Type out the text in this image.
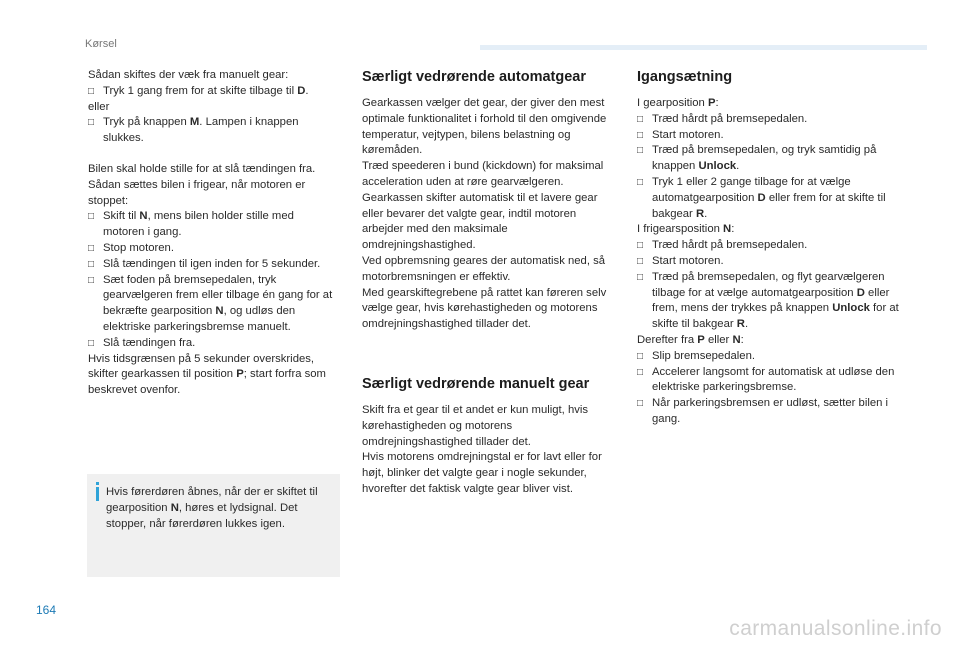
Kørsel

Sådan skiftes der væk fra manuelt gear:

□ Tryk 1 gang frem for at skifte tilbage til D.

eller

□ Tryk på knappen M. Lampen i knappen slukkes.

Bilen skal holde stille for at slå tændingen fra.

Sådan sættes bilen i frigear, når motoren er stoppet:

□ Skift til N, mens bilen holder stille med motoren i gang.
□ Stop motoren.
□ Slå tændingen til igen inden for 5 sekunder.
□ Sæt foden på bremsepedalen, tryk gearvælgeren frem eller tilbage én gang for at bekræfte gearposition N, og udløs den elektriske parkeringsbremse manuelt.
□ Slå tændingen fra.

Hvis tidsgrænsen på 5 sekunder overskrides, skifter gearkassen til position P; start forfra som beskrevet ovenfor.

Hvis førerdøren åbnes, når der er skiftet til gearposition N, høres et lydsignal. Det stopper, når førerdøren lukkes igen.
Særligt vedrørende automatgear

Gearkassen vælger det gear, der giver den mest optimale funktionalitet i forhold til den omgivende temperatur, vejtypen, bilens belastning og køremåden.

Træd speederen i bund (kickdown) for maksimal acceleration uden at røre gearvælgeren. Gearkassen skifter automatisk til et lavere gear eller bevarer det valgte gear, indtil motoren arbejder med den maksimale omdrejningshastighed.

Ved opbremsning geares der automatisk ned, så motorbremsningen er effektiv.

Med gearskiftegrebene på rattet kan føreren selv vælge gear, hvis kørehastigheden og motorens omdrejningshastighed tillader det.

Særligt vedrørende manuelt gear

Skift fra et gear til et andet er kun muligt, hvis kørehastigheden og motorens omdrejningshastighed tillader det.

Hvis motorens omdrejningstal er for lavt eller for højt, blinker det valgte gear i nogle sekunder, hvorefter det faktisk valgte gear bliver vist.

Igangsætning

I gearposition P:

□ Træd hårdt på bremsepedalen.
□ Start motoren.
□ Træd på bremsepedalen, og tryk samtidig på knappen Unlock.
□ Tryk 1 eller 2 gange tilbage for at vælge automatgearposition D eller frem for at skifte til bakgear R.

I frigearsposition N:

□ Træd hårdt på bremsepedalen.
□ Start motoren.
□ Træd på bremsepedalen, og flyt gearvælgeren tilbage for at vælge automatgearposition D eller frem, mens der trykkes på knappen Unlock for at skifte til bakgear R.

Derefter fra P eller N:

□ Slip bremsepedalen.
□ Accelerer langsomt for automatisk at udløse den elektriske parkeringsbremse.
□ Når parkeringsbremsen er udløst, sætter bilen i gang.
164
carmanualsonline.info
